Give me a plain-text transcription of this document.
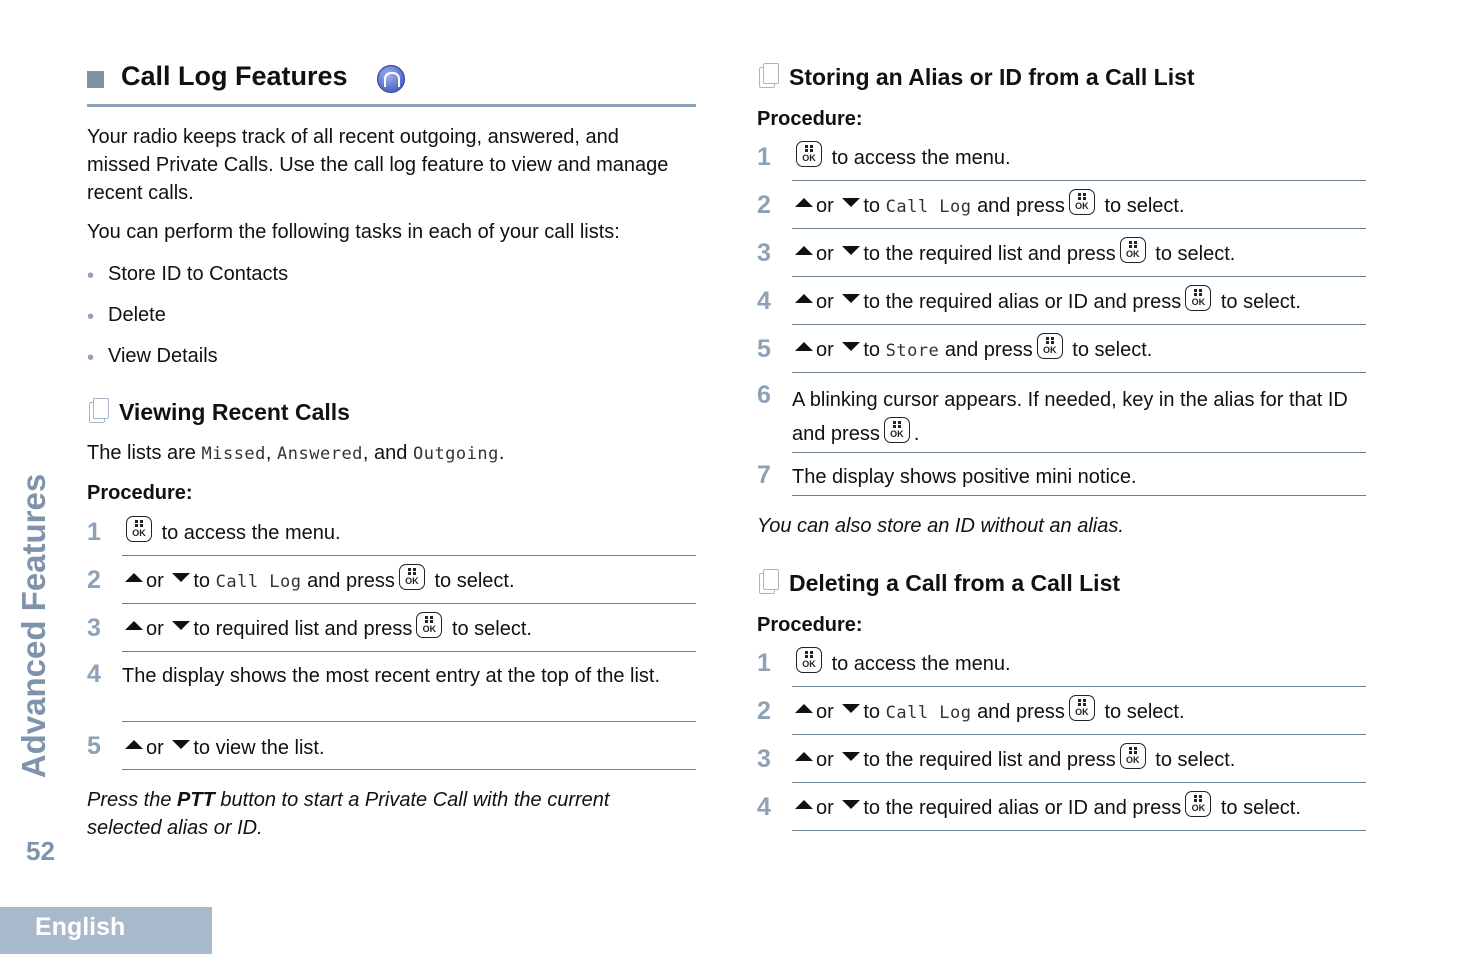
Advanced Features
52
English
Call Log Features
Your radio keeps track of all recent outgoing, answered, and missed Private Calls. Use the call log feature to view and manage recent calls.
You can perform the following tasks in each of your call lists:
• Store ID to Contacts
• Delete
• View Details
Viewing Recent Calls
The lists are Missed, Answered, and Outgoing.
Procedure:
1	OK to access the menu.
2	or to Call Log and press	OK to select.
3	or to required list and press	OK to select.
4 The display shows the most recent entry at the top of the list.
5	or to view the list.
Press the PTT button to start a Private Call with the current selected alias or ID.
Storing an Alias or ID from a Call List
Procedure:
1	OK to access the menu.
2	or to Call Log and press	OK to select.
3	or to the required list and press	OK to select.
4	or to the required alias or ID and press	OK to select.
5	or to Store and press	OK to select.
6 A blinking cursor appears. If needed, key in the alias for that ID and press	OK .
7 The display shows positive mini notice.
You can also store an ID without an alias.
Deleting a Call from a Call List
Procedure:
1	OK to access the menu.
2	or to Call Log and press	OK to select.
3	or to the required list and press	OK to select.
4	or to the required alias or ID and press	OK to select.
